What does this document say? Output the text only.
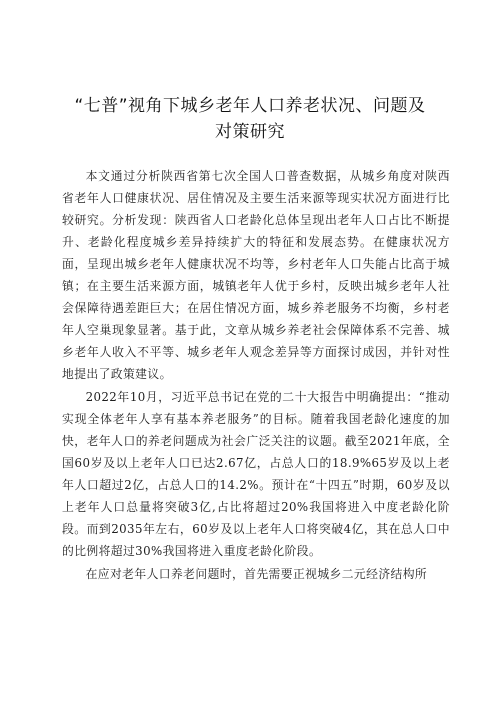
“七普”视角下城乡老年人口养老状况、问题及
对策研究

本文通过分析陕西省第七次全国人口普查数据，从城乡角度对陕西省老年人口健康状况、居住情况及主要生活来源等现实状况方面进行比较研究。分析发现：陕西省人口老龄化总体呈现出老年人口占比不断提升、老龄化程度城乡差异持续扩大的特征和发展态势。在健康状况方面，呈现出城乡老年人健康状况不均等，乡村老年人口失能占比高于城镇；在主要生活来源方面，城镇老年人优于乡村，反映出城乡老年人社会保障待遇差距巨大；在居住情况方面，城乡养老服务不均衡，乡村老年人空巢现象显著。基于此，文章从城乡养老社会保障体系不完善、城乡老年人收入不平等、城乡老年人观念差异等方面探讨成因，并针对性地提出了政策建议。

2022年10月，习近平总书记在党的二十大报告中明确提出：“推动实现全体老年人享有基本养老服务”的目标。随着我国老龄化速度的加快，老年人口的养老问题成为社会广泛关注的议题。截至2021年底，全国60岁及以上老年人口已达2.67亿，占总人口的18.9%65岁及以上老年人口超过2亿，占总人口的14.2%。预计在“十四五”时期，60岁及以上老年人口总量将突破3亿,占比将超过20%我国将进入中度老龄化阶段。而到2035年左右，60岁及以上老年人口将突破4亿，其在总人口中的比例将超过30%我国将进入重度老龄化阶段。

在应对老年人口养老问题时，首先需要正视城乡二元经济结构所
